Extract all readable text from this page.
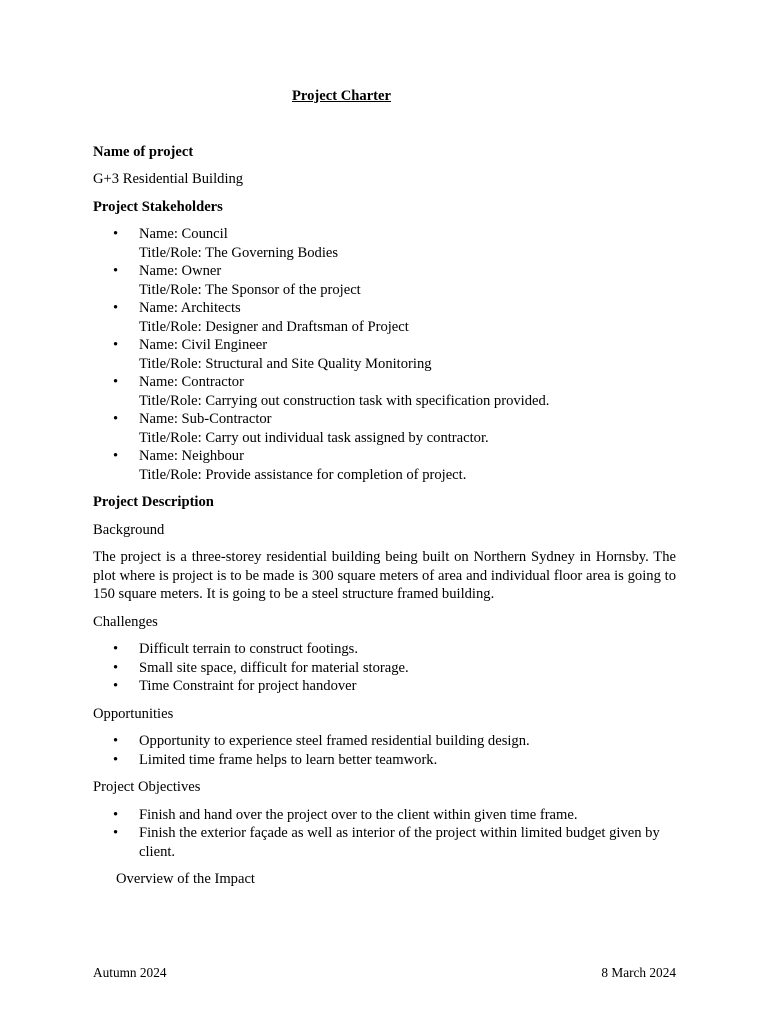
Project Charter

Name of project

G+3 Residential Building

Project Stakeholders

• Name: Council
Title/Role: The Governing Bodies
• Name: Owner
Title/Role: The Sponsor of the project
• Name: Architects
Title/Role: Designer and Draftsman of Project
• Name: Civil Engineer
Title/Role: Structural and Site Quality Monitoring
• Name: Contractor
Title/Role: Carrying out construction task with specification provided.
• Name: Sub-Contractor
Title/Role: Carry out individual task assigned by contractor.
• Name: Neighbour
Title/Role: Provide assistance for completion of project.

Project Description

Background

The project is a three-storey residential building being built on Northern Sydney in Hornsby. The plot where is project is to be made is 300 square meters of area and individual floor area is going to 150 square meters. It is going to be a steel structure framed building.

Challenges

• Difficult terrain to construct footings.
• Small site space, difficult for material storage.
• Time Constraint for project handover

Opportunities

• Opportunity to experience steel framed residential building design.
• Limited time frame helps to learn better teamwork.

Project Objectives

• Finish and hand over the project over to the client within given time frame.
• Finish the exterior façade as well as interior of the project within limited budget given by client.

Overview of the Impact

Autumn 2024	8 March 2024
